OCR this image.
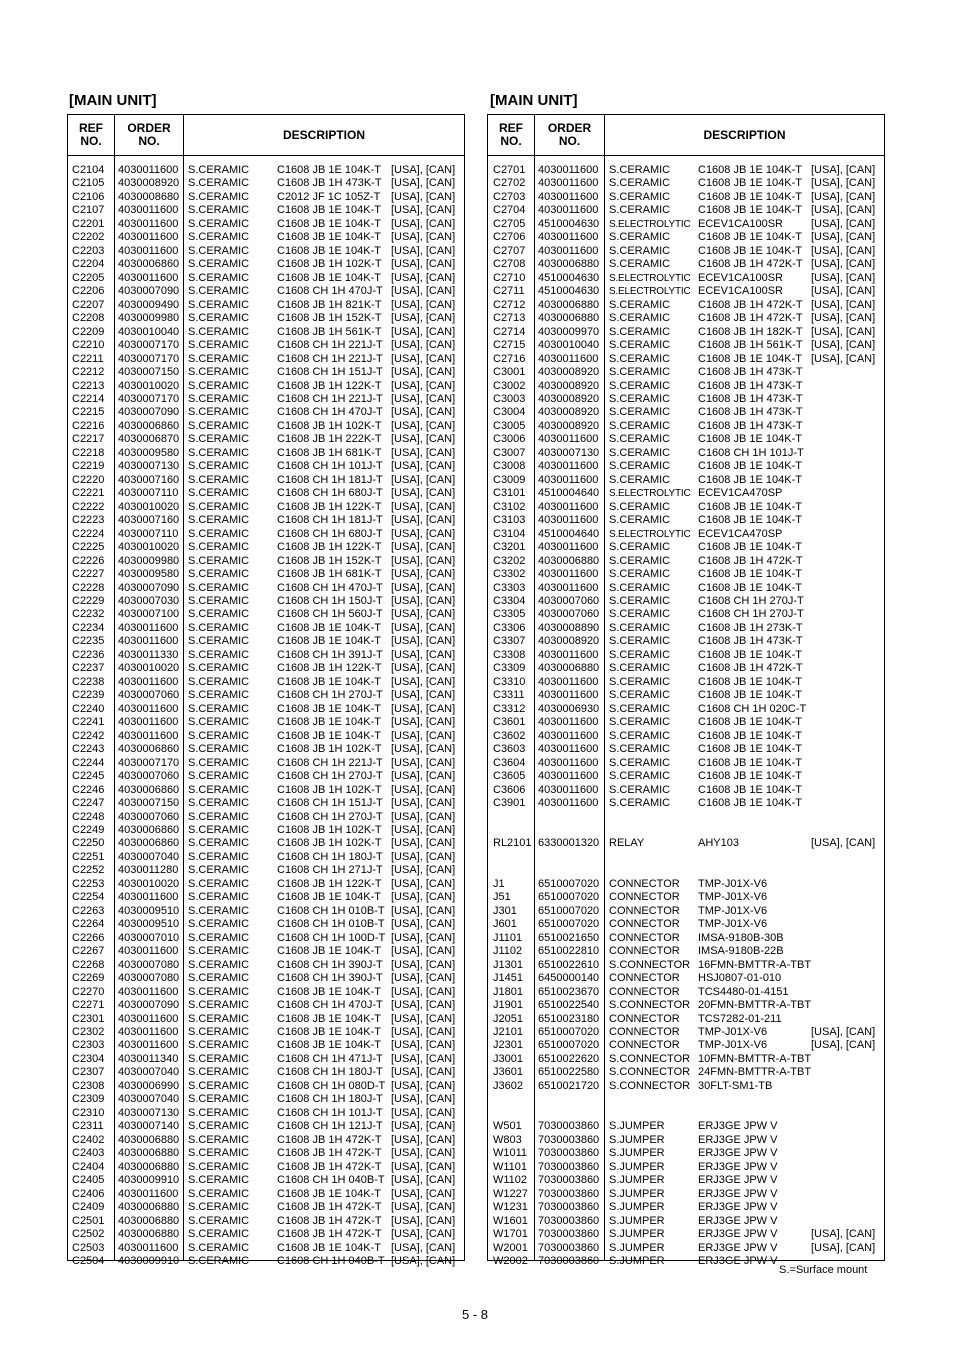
[MAIN UNIT]
REF
NO.
ORDER
NO.	DESCRIPTION
C2104 4030011600 S.CERAMIC	C1608 JB 1E 104K-T [USA], [CAN]
C2105 4030008920 S.CERAMIC	C1608 JB 1H 473K-T [USA], [CAN]
C2106 4030008680 S.CERAMIC	C2012 JF 1C 105Z-T [USA], [CAN]
C2107 4030011600 S.CERAMIC	C1608 JB 1E 104K-T [USA], [CAN]
C2201 4030011600 S.CERAMIC	C1608 JB 1E 104K-T [USA], [CAN]
C2202 4030011600 S.CERAMIC	C1608 JB 1E 104K-T [USA], [CAN]
C2203 4030011600 S.CERAMIC	C1608 JB 1E 104K-T [USA], [CAN]
C2204 4030006860 S.CERAMIC	C1608 JB 1H 102K-T [USA], [CAN]
C2205 4030011600 S.CERAMIC	C1608 JB 1E 104K-T [USA], [CAN]
C2206 4030007090 S.CERAMIC	C1608 CH 1H 470J-T [USA], [CAN]
C2207 4030009490 S.CERAMIC	C1608 JB 1H 821K-T [USA], [CAN]
C2208 4030009980 S.CERAMIC	C1608 JB 1H 152K-T [USA], [CAN]
C2209 4030010040 S.CERAMIC	C1608 JB 1H 561K-T [USA], [CAN]
C2210 4030007170 S.CERAMIC	C1608 CH 1H 221J-T [USA], [CAN]
C2211 4030007170 S.CERAMIC	C1608 CH 1H 221J-T [USA], [CAN]
C2212 4030007150 S.CERAMIC	C1608 CH 1H 151J-T [USA], [CAN]
C2213 4030010020 S.CERAMIC	C1608 JB 1H 122K-T [USA], [CAN]
C2214 4030007170 S.CERAMIC	C1608 CH 1H 221J-T [USA], [CAN]
C2215 4030007090 S.CERAMIC	C1608 CH 1H 470J-T [USA], [CAN]
C2216 4030006860 S.CERAMIC	C1608 JB 1H 102K-T [USA], [CAN]
C2217 4030006870 S.CERAMIC	C1608 JB 1H 222K-T [USA], [CAN]
C2218 4030009580 S.CERAMIC	C1608 JB 1H 681K-T [USA], [CAN]
C2219 4030007130 S.CERAMIC	C1608 CH 1H 101J-T [USA], [CAN]
C2220 4030007160 S.CERAMIC	C1608 CH 1H 181J-T [USA], [CAN]
C2221 4030007110 S.CERAMIC	C1608 CH 1H 680J-T [USA], [CAN]
C2222 4030010020 S.CERAMIC	C1608 JB 1H 122K-T [USA], [CAN]
C2223 4030007160 S.CERAMIC	C1608 CH 1H 181J-T [USA], [CAN]
C2224 4030007110 S.CERAMIC	C1608 CH 1H 680J-T [USA], [CAN]
C2225 4030010020 S.CERAMIC	C1608 JB 1H 122K-T [USA], [CAN]
C2226 4030009980 S.CERAMIC	C1608 JB 1H 152K-T [USA], [CAN]
C2227 4030009580 S.CERAMIC	C1608 JB 1H 681K-T [USA], [CAN]
C2228 4030007090 S.CERAMIC	C1608 CH 1H 470J-T [USA], [CAN]
C2229 4030007030 S.CERAMIC	C1608 CH 1H 150J-T [USA], [CAN]
C2232 4030007100 S.CERAMIC	C1608 CH 1H 560J-T [USA], [CAN]
C2234 4030011600 S.CERAMIC	C1608 JB 1E 104K-T [USA], [CAN]
C2235 4030011600 S.CERAMIC	C1608 JB 1E 104K-T [USA], [CAN]
C2236 4030011330 S.CERAMIC	C1608 CH 1H 391J-T [USA], [CAN]
C2237 4030010020 S.CERAMIC	C1608 JB 1H 122K-T [USA], [CAN]
C2238 4030011600 S.CERAMIC	C1608 JB 1E 104K-T [USA], [CAN]
C2239 4030007060 S.CERAMIC	C1608 CH 1H 270J-T [USA], [CAN]
C2240 4030011600 S.CERAMIC	C1608 JB 1E 104K-T [USA], [CAN]
C2241 4030011600 S.CERAMIC	C1608 JB 1E 104K-T [USA], [CAN]
C2242 4030011600 S.CERAMIC	C1608 JB 1E 104K-T [USA], [CAN]
C2243 4030006860 S.CERAMIC	C1608 JB 1H 102K-T [USA], [CAN]
C2244 4030007170 S.CERAMIC	C1608 CH 1H 221J-T [USA], [CAN]
C2245 4030007060 S.CERAMIC	C1608 CH 1H 270J-T [USA], [CAN]
C2246 4030006860 S.CERAMIC	C1608 JB 1H 102K-T [USA], [CAN]
C2247 4030007150 S.CERAMIC	C1608 CH 1H 151J-T [USA], [CAN]
C2248 4030007060 S.CERAMIC	C1608 CH 1H 270J-T [USA], [CAN]
C2249 4030006860 S.CERAMIC	C1608 JB 1H 102K-T [USA], [CAN]
C2250 4030006860 S.CERAMIC	C1608 JB 1H 102K-T [USA], [CAN]
C2251 4030007040 S.CERAMIC	C1608 CH 1H 180J-T [USA], [CAN]
C2252 4030011280 S.CERAMIC	C1608 CH 1H 271J-T [USA], [CAN]
C2253 4030010020 S.CERAMIC	C1608 JB 1H 122K-T [USA], [CAN]
C2254 4030011600 S.CERAMIC	C1608 JB 1E 104K-T [USA], [CAN]
C2263 4030009510 S.CERAMIC	C1608 CH 1H 010B-T [USA], [CAN]
C2264 4030009510 S.CERAMIC	C1608 CH 1H 010B-T [USA], [CAN]
C2266 4030007010 S.CERAMIC	C1608 CH 1H 100D-T [USA], [CAN]
C2267 4030011600 S.CERAMIC	C1608 JB 1E 104K-T [USA], [CAN]
C2268 4030007080 S.CERAMIC	C1608 CH 1H 390J-T [USA], [CAN]
C2269 4030007080 S.CERAMIC	C1608 CH 1H 390J-T [USA], [CAN]
C2270 4030011600 S.CERAMIC	C1608 JB 1E 104K-T [USA], [CAN]
C2271 4030007090 S.CERAMIC	C1608 CH 1H 470J-T [USA], [CAN]
C2301 4030011600 S.CERAMIC	C1608 JB 1E 104K-T [USA], [CAN]
C2302 4030011600 S.CERAMIC	C1608 JB 1E 104K-T [USA], [CAN]
C2303 4030011600 S.CERAMIC	C1608 JB 1E 104K-T [USA], [CAN]
C2304 4030011340 S.CERAMIC	C1608 CH 1H 471J-T [USA], [CAN]
C2307 4030007040 S.CERAMIC	C1608 CH 1H 180J-T [USA], [CAN]
C2308 4030006990 S.CERAMIC	C1608 CH 1H 080D-T [USA], [CAN]
C2309 4030007040 S.CERAMIC	C1608 CH 1H 180J-T [USA], [CAN]
C2310 4030007130 S.CERAMIC	C1608 CH 1H 101J-T [USA], [CAN]
C2311 4030007140 S.CERAMIC	C1608 CH 1H 121J-T [USA], [CAN]
C2402 4030006880 S.CERAMIC	C1608 JB 1H 472K-T [USA], [CAN]
C2403 4030006880 S.CERAMIC	C1608 JB 1H 472K-T [USA], [CAN]
C2404 4030006880 S.CERAMIC	C1608 JB 1H 472K-T [USA], [CAN]
C2405 4030009910 S.CERAMIC	C1608 CH 1H 040B-T [USA], [CAN]
C2406 4030011600 S.CERAMIC	C1608 JB 1E 104K-T [USA], [CAN]
C2409 4030006880 S.CERAMIC	C1608 JB 1H 472K-T [USA], [CAN]
C2501 4030006880 S.CERAMIC	C1608 JB 1H 472K-T [USA], [CAN]
C2502 4030006880 S.CERAMIC	C1608 JB 1H 472K-T [USA], [CAN]
C2503 4030011600 S.CERAMIC	C1608 JB 1E 104K-T [USA], [CAN]
C2504 4030009910 S.CERAMIC	C1608 CH 1H 040B-T [USA], [CAN]
[MAIN UNIT]
REF
NO.
ORDER
NO.	DESCRIPTION
C2701 4030011600 S.CERAMIC	C1608 JB 1E 104K-T [USA], [CAN]
C2702 4030011600 S.CERAMIC	C1608 JB 1E 104K-T [USA], [CAN]
C2703 4030011600 S.CERAMIC	C1608 JB 1E 104K-T [USA], [CAN]
C2704 4030011600 S.CERAMIC	C1608 JB 1E 104K-T [USA], [CAN]
C2705 4510004630 S.ELECTROLYTIC ECEV1CA100SR	[USA], [CAN]
C2706 4030011600 S.CERAMIC	C1608 JB 1E 104K-T [USA], [CAN]
C2707 4030011600 S.CERAMIC	C1608 JB 1E 104K-T [USA], [CAN]
C2708 4030006880 S.CERAMIC	C1608 JB 1H 472K-T [USA], [CAN]
C2710 4510004630 S.ELECTROLYTIC ECEV1CA100SR	[USA], [CAN]
C2711 4510004630 S.ELECTROLYTIC ECEV1CA100SR	[USA], [CAN]
C2712 4030006880 S.CERAMIC	C1608 JB 1H 472K-T [USA], [CAN]
C2713 4030006880 S.CERAMIC	C1608 JB 1H 472K-T [USA], [CAN]
C2714 4030009970 S.CERAMIC	C1608 JB 1H 182K-T [USA], [CAN]
C2715 4030010040 S.CERAMIC	C1608 JB 1H 561K-T [USA], [CAN]
C2716 4030011600 S.CERAMIC	C1608 JB 1E 104K-T [USA], [CAN]
C3001 4030008920 S.CERAMIC	C1608 JB 1H 473K-T
C3002 4030008920 S.CERAMIC	C1608 JB 1H 473K-T
C3003 4030008920 S.CERAMIC	C1608 JB 1H 473K-T
C3004 4030008920 S.CERAMIC	C1608 JB 1H 473K-T
C3005 4030008920 S.CERAMIC	C1608 JB 1H 473K-T
C3006 4030011600 S.CERAMIC	C1608 JB 1E 104K-T
C3007 4030007130 S.CERAMIC	C1608 CH 1H 101J-T
C3008 4030011600 S.CERAMIC	C1608 JB 1E 104K-T
C3009 4030011600 S.CERAMIC	C1608 JB 1E 104K-T
C3101 4510004640 S.ELECTROLYTIC ECEV1CA470SP
C3102 4030011600 S.CERAMIC	C1608 JB 1E 104K-T
C3103 4030011600 S.CERAMIC	C1608 JB 1E 104K-T
C3104 4510004640 S.ELECTROLYTIC ECEV1CA470SP
C3201 4030011600 S.CERAMIC	C1608 JB 1E 104K-T
C3202 4030006880 S.CERAMIC	C1608 JB 1H 472K-T
C3302 4030011600 S.CERAMIC	C1608 JB 1E 104K-T
C3303 4030011600 S.CERAMIC	C1608 JB 1E 104K-T
C3304 4030007060 S.CERAMIC	C1608 CH 1H 270J-T
C3305 4030007060 S.CERAMIC	C1608 CH 1H 270J-T
C3306 4030008890 S.CERAMIC	C1608 JB 1H 273K-T
C3307 4030008920 S.CERAMIC	C1608 JB 1H 473K-T
C3308 4030011600 S.CERAMIC	C1608 JB 1E 104K-T
C3309 4030006880 S.CERAMIC	C1608 JB 1H 472K-T
C3310 4030011600 S.CERAMIC	C1608 JB 1E 104K-T
C3311 4030011600 S.CERAMIC	C1608 JB 1E 104K-T
C3312 4030006930 S.CERAMIC	C1608 CH 1H 020C-T
C3601 4030011600 S.CERAMIC	C1608 JB 1E 104K-T
C3602 4030011600 S.CERAMIC	C1608 JB 1E 104K-T
C3603 4030011600 S.CERAMIC	C1608 JB 1E 104K-T
C3604 4030011600 S.CERAMIC	C1608 JB 1E 104K-T
C3605 4030011600 S.CERAMIC	C1608 JB 1E 104K-T
C3606 4030011600 S.CERAMIC	C1608 JB 1E 104K-T
C3901 4030011600 S.CERAMIC	C1608 JB 1E 104K-T
RL2101 6330001320 RELAY	AHY103	[USA], [CAN]
J1	6510007020 CONNECTOR TMP-J01X-V6
J51 6510007020 CONNECTOR TMP-J01X-V6
J301 6510007020 CONNECTOR TMP-J01X-V6
J601 6510007020 CONNECTOR TMP-J01X-V6
J1101 6510021650 CONNECTOR IMSA-9180B-30B
J1102 6510022810 CONNECTOR IMSA-9180B-22B
J1301 6510022610 S.CONNECTOR 16FMN-BMTTR-A-TBT
J1451 6450000140 CONNECTOR HSJ0807-01-010
J1801 6510023670 CONNECTOR TCS4480-01-4151
J1901 6510022540 S.CONNECTOR 20FMN-BMTTR-A-TBT
J2051 6510023180 CONNECTOR TCS7282-01-211
J2101 6510007020 CONNECTOR TMP-J01X-V6	[USA], [CAN]
J2301 6510007020 CONNECTOR TMP-J01X-V6	[USA], [CAN]
J3001 6510022620 S.CONNECTOR 10FMN-BMTTR-A-TBT
J3601 6510022580 S.CONNECTOR 24FMN-BMTTR-A-TBT
J3602 6510021720 S.CONNECTOR 30FLT-SM1-TB
W501 7030003860 S.JUMPER	ERJ3GE JPW V
W803 7030003860 S.JUMPER	ERJ3GE JPW V
W1011 7030003860 S.JUMPER	ERJ3GE JPW V
W1101 7030003860 S.JUMPER	ERJ3GE JPW V
W1102 7030003860 S.JUMPER	ERJ3GE JPW V
W1227 7030003860 S.JUMPER	ERJ3GE JPW V
W1231 7030003860 S.JUMPER	ERJ3GE JPW V
W1601 7030003860 S.JUMPER	ERJ3GE JPW V
W1701 7030003860 S.JUMPER	ERJ3GE JPW V	[USA], [CAN]
W2001 7030003860 S.JUMPER	ERJ3GE JPW V	[USA], [CAN]
W2002 7030003860 S.JUMPER	ERJ3GE JPW V
S.=Surface mount
5 - 8
